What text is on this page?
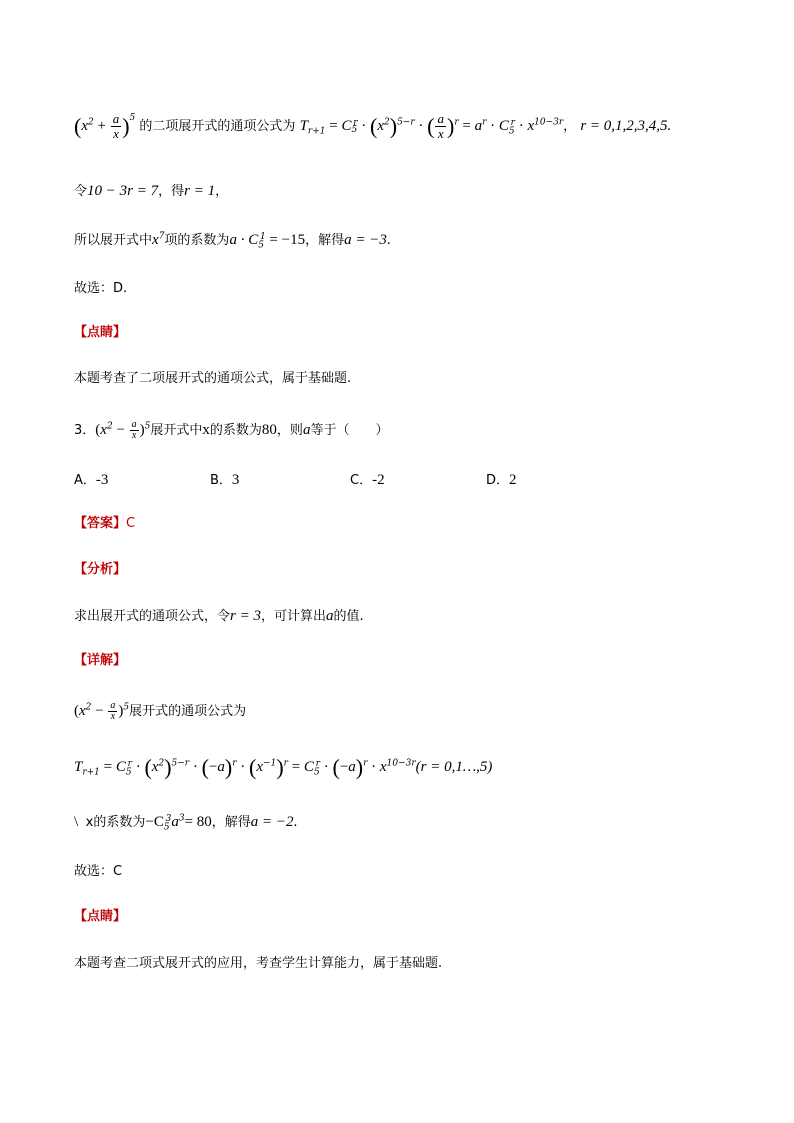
$(x^2 + \frac{a}{x} )^5$ 的二项展开式的通项公式为 $T_{r+1} = C_5^r \cdot (x^2)^{5-r}$ · ( $\frac{a}{x} )^r = a^r \cdot C_5^r \cdot x^{10-3r}$， r = 0,1,2,3,4,5.
令10 − 3r = 7，得r = 1，
所以展开式中$x^7$项的系数为$a \cdot C_5^1 = -15$，解得a = −3.
故选：D.
【点睛】
本题考查了二项展开式的通项公式，属于基础题.
3．$(x^2 - \frac{a}{x} )^5$展开式中x的系数为80，则a等于（　　）
A．-3	B．3	C．-2	D．2
【答案】C
【分析】
求出展开式的通项公式，令r = 3，可计算出a的值.
【详解】
$(x^2 - \frac{a}{x} )^5$展开式的通项公式为
$T_{r+1} = C_5^r \cdot (x^2)^{5-r} \cdot (-a)^r \cdot (x^{-1})^r = C_5^r \cdot (-a)^r \cdot x^{10-3r}(r$ = 0,1…,5)
\ x的系数为$-C_5^3a^3= 80$，解得a = −2.
故选：C
【点睛】
本题考查二项式展开式的应用，考查学生计算能力，属于基础题.
